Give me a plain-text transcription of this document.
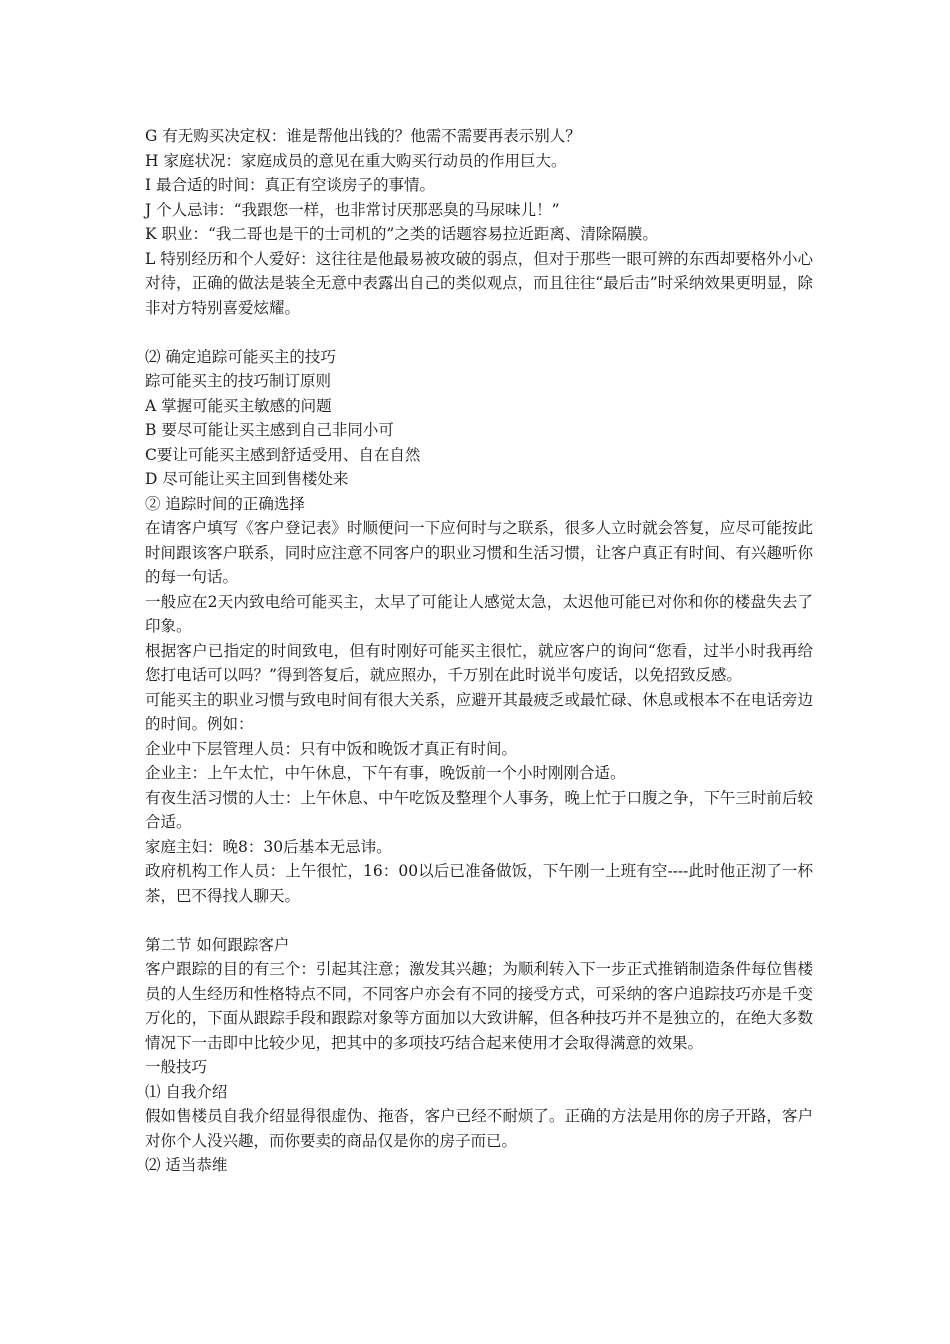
G 有无购买决定权：谁是帮他出钱的？他需不需要再表示别人？

H 家庭状况：家庭成员的意见在重大购买行动员的作用巨大。

I 最合适的时间：真正有空谈房子的事情。

J 个人忌讳：“我跟您一样，也非常讨厌那恶臭的马尿味儿！”

K 职业：“我二哥也是干的士司机的”之类的话题容易拉近距离、清除隔膜。

L 特别经历和个人爱好：这往往是他最易被攻破的弱点，但对于那些一眼可辨的东西却要格外小心对待，正确的做法是装全无意中表露出自己的类似观点，而且往往“最后击”时采纳效果更明显，除非对方特别喜爱炫耀。

⑵ 确定追踪可能买主的技巧

踪可能买主的技巧制订原则

A 掌握可能买主敏感的问题

B 要尽可能让买主感到自己非同小可

C要让可能买主感到舒适受用、自在自然

D 尽可能让买主回到售楼处来

② 追踪时间的正确选择

在请客户填写《客户登记表》时顺便问一下应何时与之联系，很多人立时就会答复，应尽可能按此时间跟该客户联系，同时应注意不同客户的职业习惯和生活习惯，让客户真正有时间、有兴趣听你的每一句话。

一般应在2天内致电给可能买主，太早了可能让人感觉太急，太迟他可能已对你和你的楼盘失去了印象。

根据客户已指定的时间致电，但有时刚好可能买主很忙，就应客户的询问“您看，过半小时我再给您打电话可以吗？”得到答复后，就应照办，千万别在此时说半句废话，以免招致反感。

可能买主的职业习惯与致电时间有很大关系，应避开其最疲乏或最忙碌、休息或根本不在电话旁边的时间。例如：

企业中下层管理人员：只有中饭和晚饭才真正有时间。

企业主：上午太忙，中午休息，下午有事，晚饭前一个小时刚刚合适。

有夜生活习惯的人士：上午休息、中午吃饭及整理个人事务，晚上忙于口腹之争，下午三时前后较合适。

家庭主妇：晚8：30后基本无忌讳。

政府机构工作人员：上午很忙，16：00以后已准备做饭，下午刚一上班有空----此时他正沏了一杯茶，巴不得找人聊天。

第二节 如何跟踪客户

客户跟踪的目的有三个：引起其注意；激发其兴趣；为顺利转入下一步正式推销制造条件每位售楼员的人生经历和性格特点不同，不同客户亦会有不同的接受方式，可采纳的客户追踪技巧亦是千变万化的，下面从跟踪手段和跟踪对象等方面加以大致讲解，但各种技巧并不是独立的，在绝大多数情况下一击即中比较少见，把其中的多项技巧结合起来使用才会取得满意的效果。

一般技巧

⑴ 自我介绍

假如售楼员自我介绍显得很虚伪、拖沓，客户已经不耐烦了。正确的方法是用你的房子开路，客户对你个人没兴趣，而你要卖的商品仅是你的房子而已。

⑵ 适当恭维
